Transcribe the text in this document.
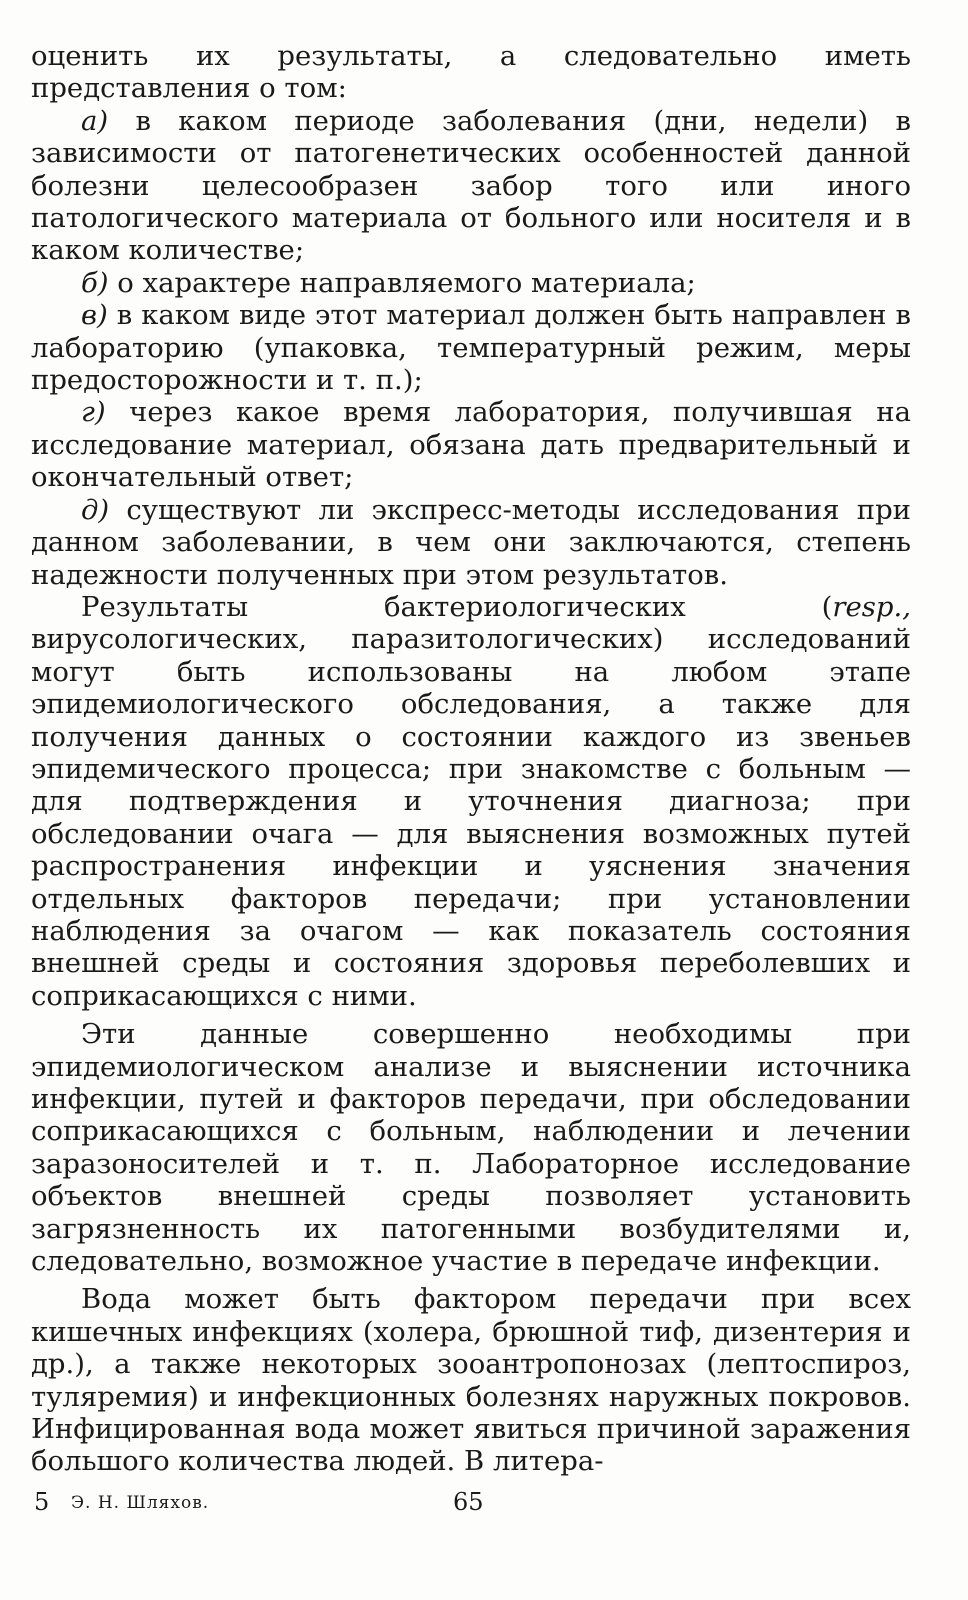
оценить их результаты, а следовательно иметь представления о том:

а) в каком периоде заболевания (дни, недели) в зависимости от патогенетических особенностей данной болезни целесообразен забор того или иного патологического материала от больного или носителя и в каком количестве;

б) о характере направляемого материала;

в) в каком виде этот материал должен быть направлен в лабораторию (упаковка, температурный режим, меры предосторожности и т. п.);

г) через какое время лаборатория, получившая на исследование материал, обязана дать предварительный и окончательный ответ;

д) существуют ли экспресс-методы исследования при данном заболевании, в чем они заключаются, степень надежности полученных при этом результатов.

Результаты бактериологических (resp., вирусологических, паразитологических) исследований могут быть использованы на любом этапе эпидемиологического обследования, а также для получения данных о состоянии каждого из звеньев эпидемического процесса; при знакомстве с больным — для подтверждения и уточнения диагноза; при обследовании очага — для выяснения возможных путей распространения инфекции и уяснения значения отдельных факторов передачи; при установлении наблюдения за очагом — как показатель состояния внешней среды и состояния здоровья переболевших и соприкасающихся с ними.

Эти данные совершенно необходимы при эпидемиологическом анализе и выяснении источника инфекции, путей и факторов передачи, при обследовании соприкасающихся с больным, наблюдении и лечении заразоносителей и т. п. Лабораторное исследование объектов внешней среды позволяет установить загрязненность их патогенными возбудителями и, следовательно, возможное участие в передаче инфекции.

Вода может быть фактором передачи при всех кишечных инфекциях (холера, брюшной тиф, дизентерия и др.), а также некоторых зооантропонозах (лептоспироз, туляремия) и инфекционных болезнях наружных покровов. Инфицированная вода может явиться причиной заражения большого количества людей. В литера-

5 Э. Н. Шляхов.	65
